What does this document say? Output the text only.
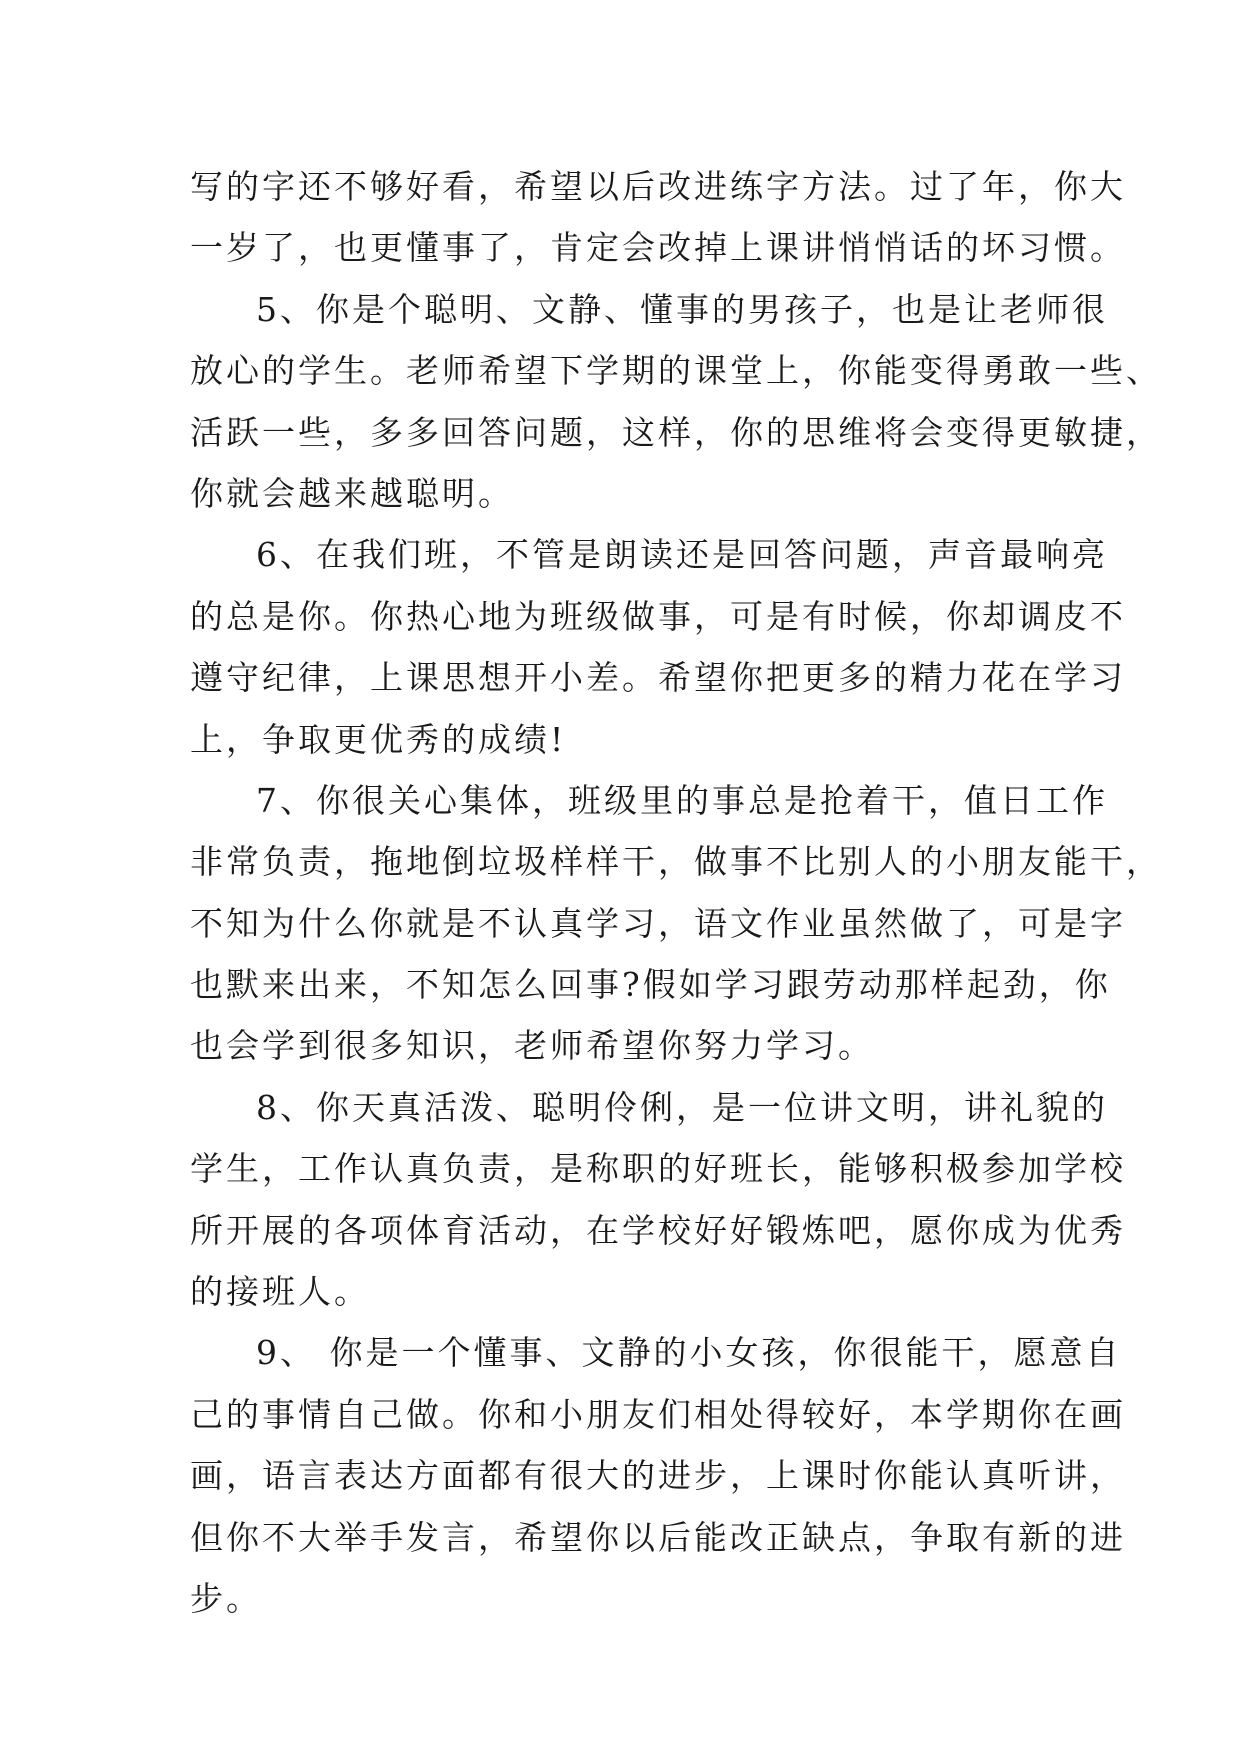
写的字还不够好看，希望以后改进练字方法。过了年，你大
一岁了，也更懂事了，肯定会改掉上课讲悄悄话的坏习惯。
5、你是个聪明、文静、懂事的男孩子，也是让老师很
放心的学生。老师希望下学期的课堂上，你能变得勇敢一些、
活跃一些，多多回答问题，这样，你的思维将会变得更敏捷，
你就会越来越聪明。
6、在我们班，不管是朗读还是回答问题，声音最响亮
的总是你。你热心地为班级做事，可是有时候，你却调皮不
遵守纪律，上课思想开小差。希望你把更多的精力花在学习
上，争取更优秀的成绩!
7、你很关心集体，班级里的事总是抢着干，值日工作
非常负责，拖地倒垃圾样样干，做事不比别人的小朋友能干，
不知为什么你就是不认真学习，语文作业虽然做了，可是字
也默来出来，不知怎么回事?假如学习跟劳动那样起劲，你
也会学到很多知识，老师希望你努力学习。
8、你天真活泼、聪明伶俐，是一位讲文明，讲礼貌的
学生，工作认真负责，是称职的好班长，能够积极参加学校
所开展的各项体育活动，在学校好好锻炼吧，愿你成为优秀
的接班人。
9、 你是一个懂事、文静的小女孩，你很能干，愿意自
己的事情自己做。你和小朋友们相处得较好，本学期你在画
画，语言表达方面都有很大的进步，上课时你能认真听讲，
但你不大举手发言，希望你以后能改正缺点，争取有新的进
步。
